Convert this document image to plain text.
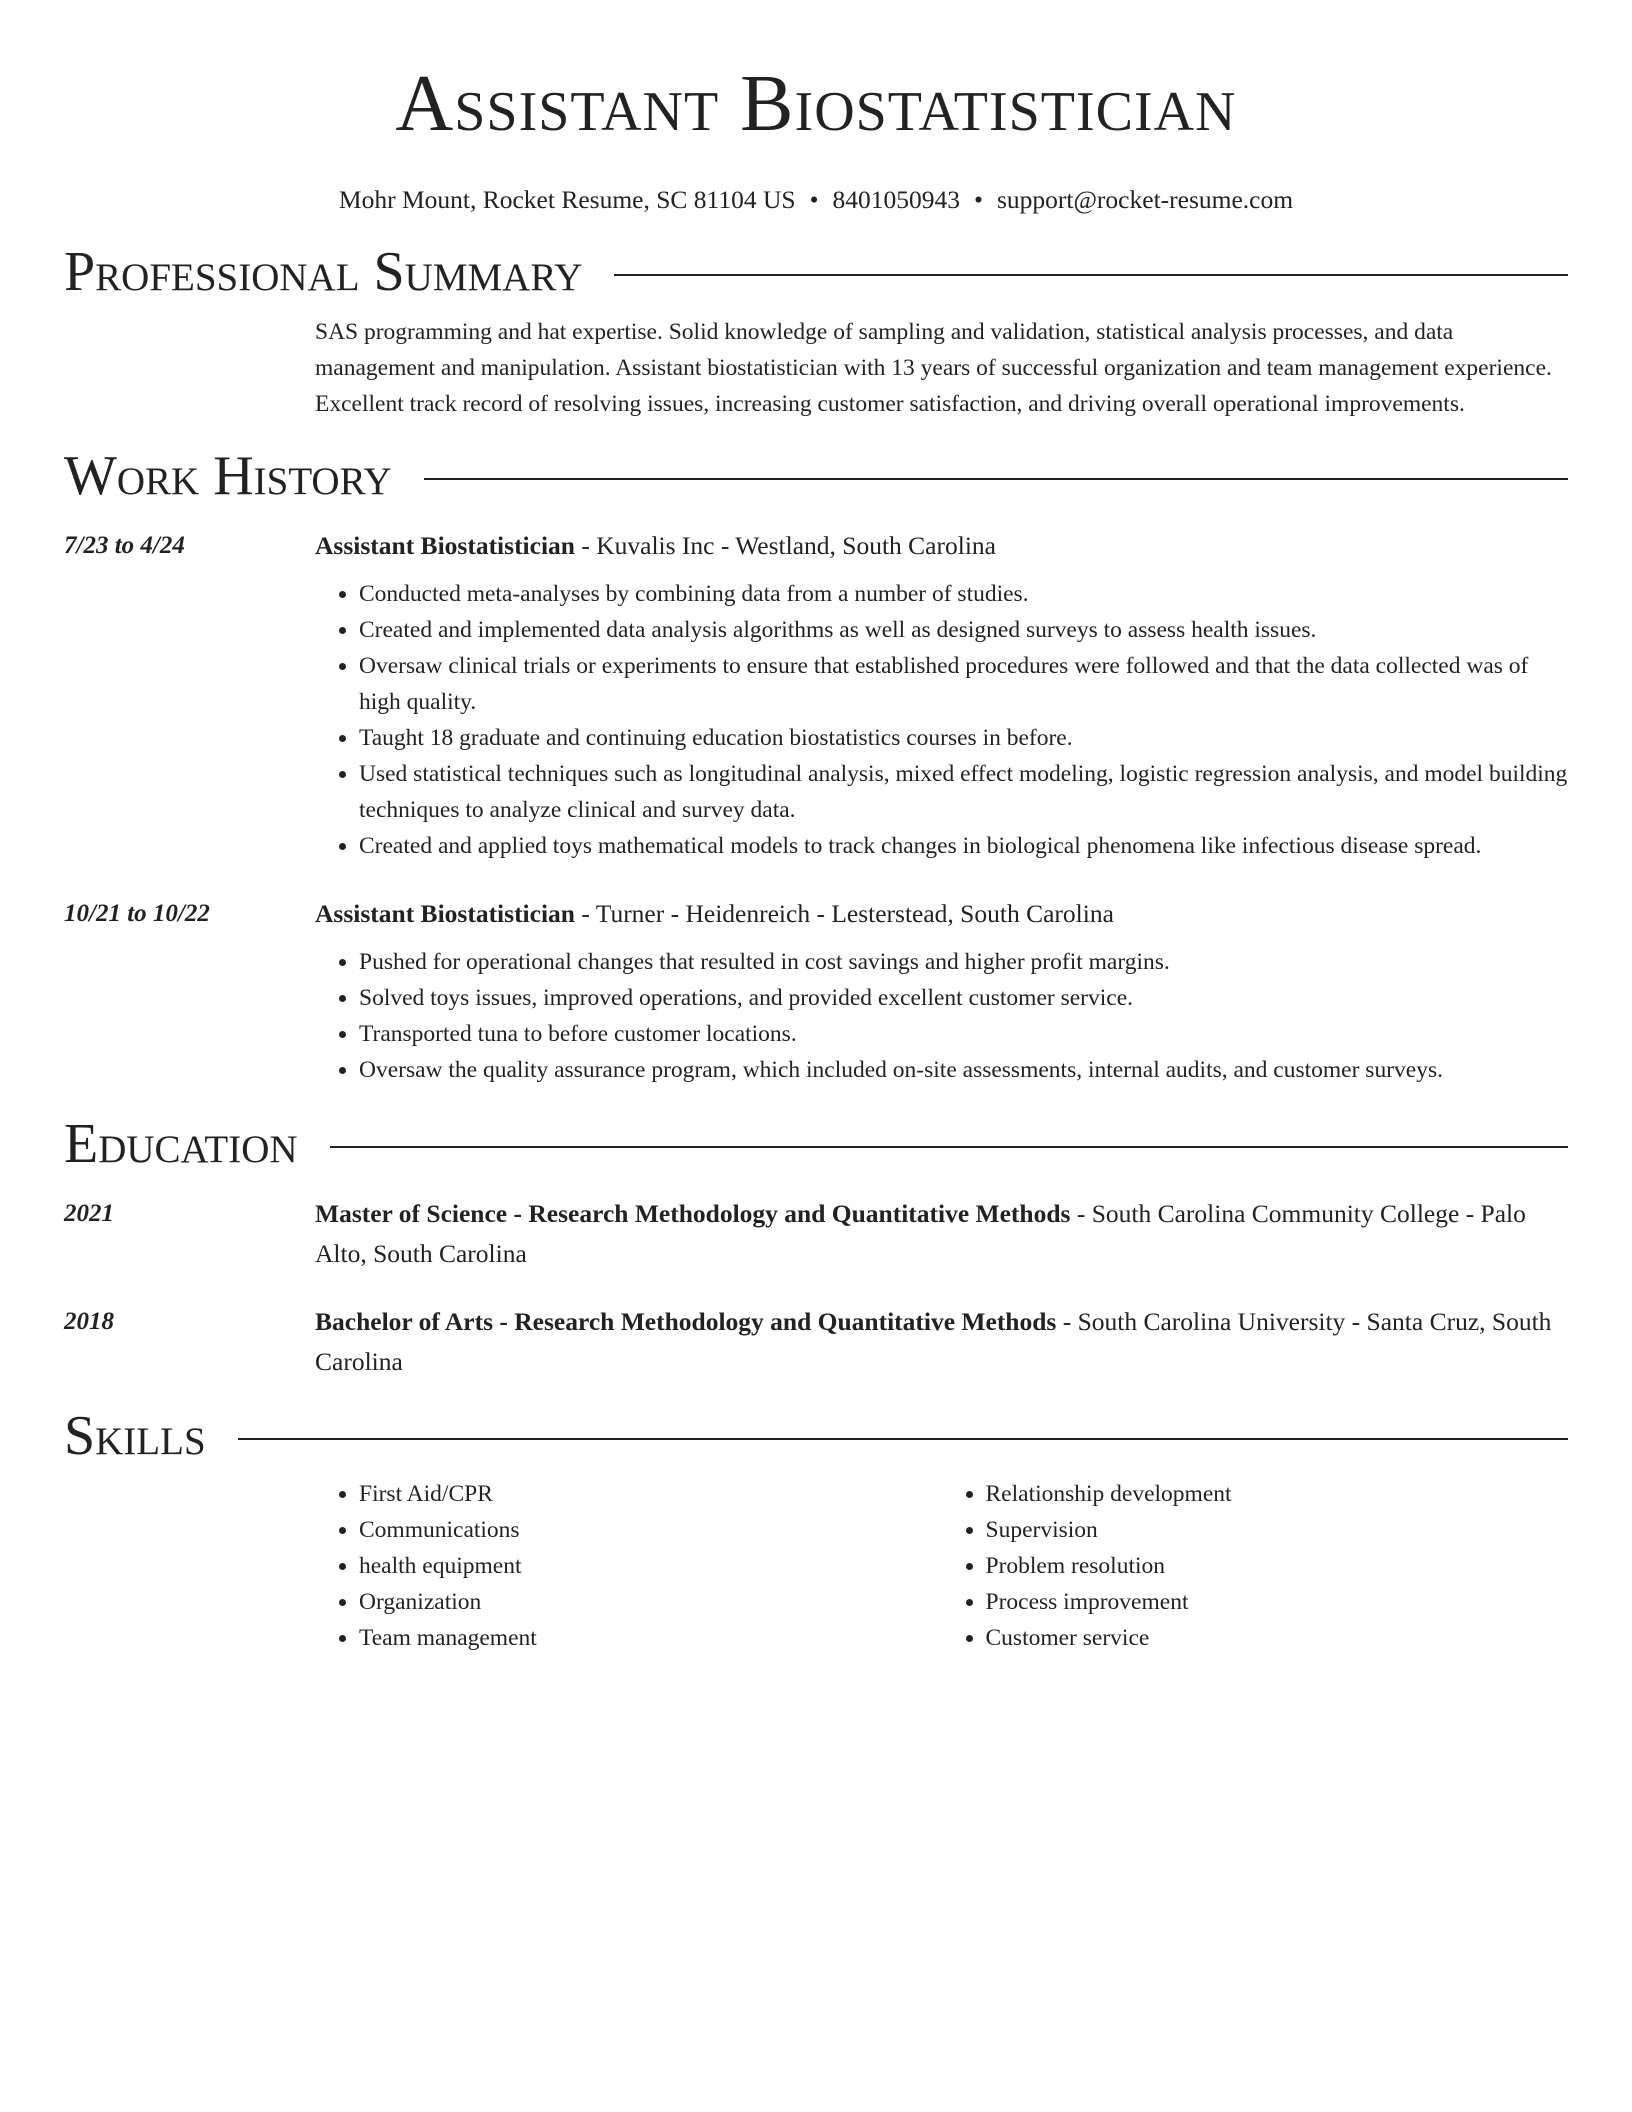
Assistant Biostatistician
Mohr Mount, Rocket Resume, SC 81104 US • 8401050943 • support@rocket-resume.com
Professional Summary
SAS programming and hat expertise. Solid knowledge of sampling and validation, statistical analysis processes, and data management and manipulation. Assistant biostatistician with 13 years of successful organization and team management experience. Excellent track record of resolving issues, increasing customer satisfaction, and driving overall operational improvements.
Work History
7/23 to 4/24	Assistant Biostatistician - Kuvalis Inc - Westland, South Carolina
• Conducted meta-analyses by combining data from a number of studies.
• Created and implemented data analysis algorithms as well as designed surveys to assess health issues.
• Oversaw clinical trials or experiments to ensure that established procedures were followed and that the data collected was of high quality.
• Taught 18 graduate and continuing education biostatistics courses in before.
• Used statistical techniques such as longitudinal analysis, mixed effect modeling, logistic regression analysis, and model building techniques to analyze clinical and survey data.
• Created and applied toys mathematical models to track changes in biological phenomena like infectious disease spread.
10/21 to 10/22	Assistant Biostatistician - Turner - Heidenreich - Lesterstead, South Carolina
• Pushed for operational changes that resulted in cost savings and higher profit margins.
• Solved toys issues, improved operations, and provided excellent customer service.
• Transported tuna to before customer locations.
• Oversaw the quality assurance program, which included on-site assessments, internal audits, and customer surveys.
Education
2021	Master of Science - Research Methodology and Quantitative Methods - South Carolina Community College - Palo Alto, South Carolina
2018	Bachelor of Arts - Research Methodology and Quantitative Methods - South Carolina University - Santa Cruz, South Carolina
Skills
• First Aid/CPR
• Communications
• health equipment
• Organization
• Team management
• Relationship development
• Supervision
• Problem resolution
• Process improvement
• Customer service
